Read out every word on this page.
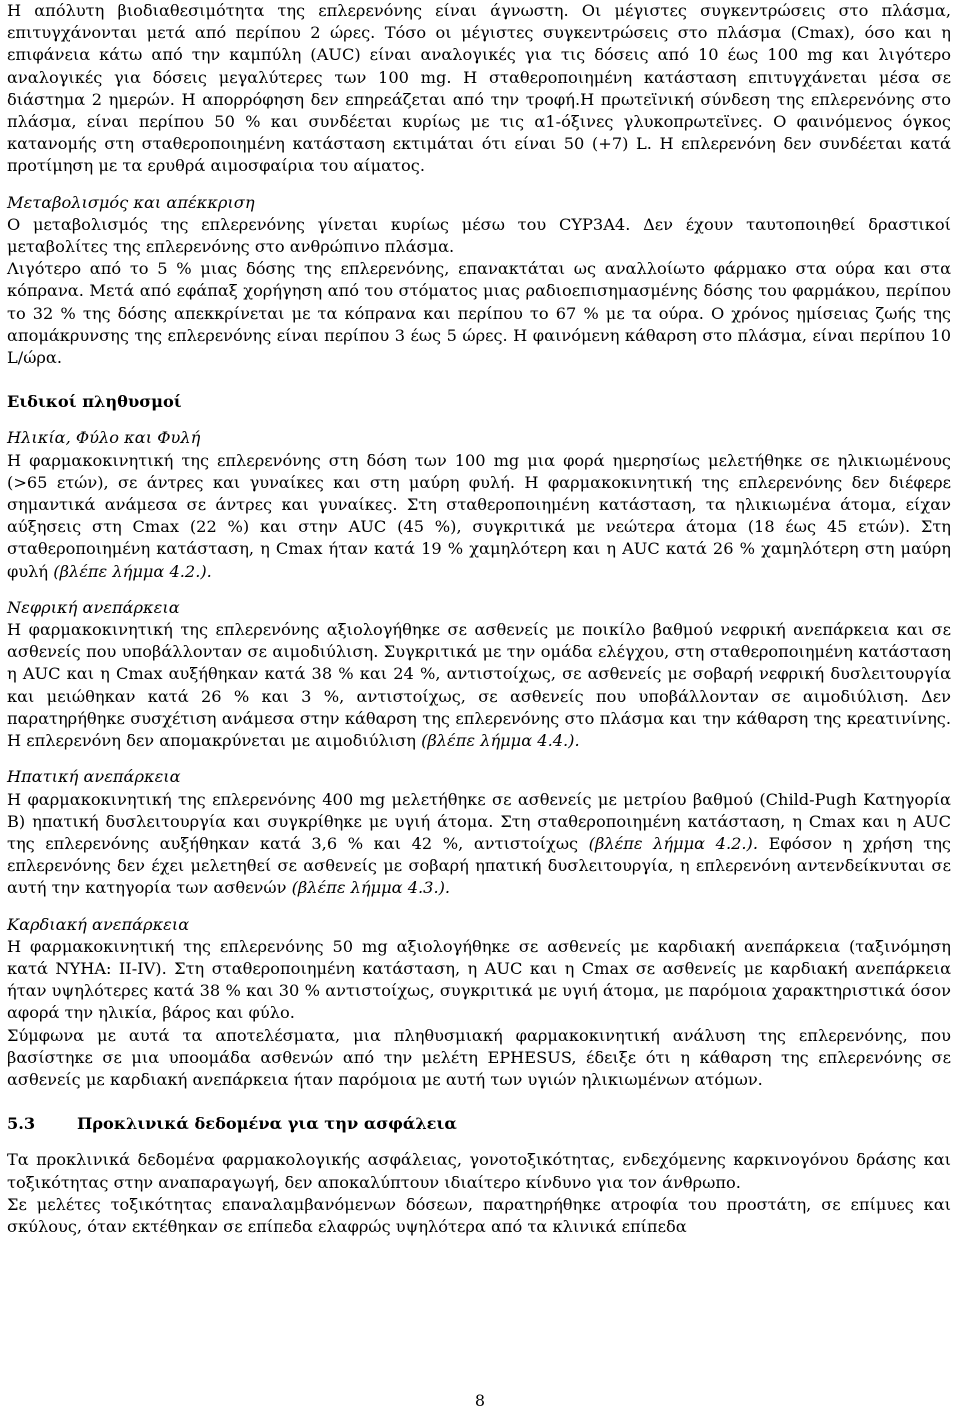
Η απόλυτη βιοδιαθεσιμότητα της επλερενόνης είναι άγνωστη. Οι μέγιστες συγκεντρώσεις στο πλάσμα, επιτυγχάνονται μετά από περίπου 2 ώρες. Τόσο οι μέγιστες συγκεντρώσεις στο πλάσμα (Cmax), όσο και η επιφάνεια κάτω από την καμπύλη (AUC) είναι αναλογικές για τις δόσεις από 10 έως 100 mg και λιγότερο αναλογικές για δόσεις μεγαλύτερες των 100 mg. Η σταθεροποιημένη κατάσταση επιτυγχάνεται μέσα σε διάστημα 2 ημερών. Η απορρόφηση δεν επηρεάζεται από την τροφή.Η πρωτεϊνική σύνδεση της επλερενόνης στο πλάσμα, είναι περίπου 50 % και συνδέεται κυρίως με τις α1-όξινες γλυκοπρωτεϊνες. Ο φαινόμενος όγκος κατανομής στη σταθεροποιημένη κατάσταση εκτιμάται ότι είναι 50 (+7) L. Η επλερενόνη δεν συνδέεται κατά προτίμηση με τα ερυθρά αιμοσφαίρια του αίματος.

Μεταβολισμός και απέκκριση

Ο μεταβολισμός της επλερενόνης γίνεται κυρίως μέσω του CYP3A4. Δεν έχουν ταυτοποιηθεί δραστικοί μεταβολίτες της επλερενόνης στο ανθρώπινο πλάσμα.

Λιγότερο από το 5 % μιας δόσης της επλερενόνης, επανακτάται ως αναλλοίωτο φάρμακο στα ούρα και στα κόπρανα. Μετά από εφάπαξ χορήγηση από του στόματος μιας ραδιοεπισημασμένης δόσης του φαρμάκου, περίπου το 32 % της δόσης απεκκρίνεται με τα κόπρανα και περίπου το 67 % με τα ούρα. Ο χρόνος ημίσειας ζωής της απομάκρυνσης της επλερενόνης είναι περίπου 3 έως 5 ώρες. Η φαινόμενη κάθαρση στο πλάσμα, είναι περίπου 10 L/ώρα.

Ειδικοί πληθυσμοί

Ηλικία, Φύλο και Φυλή

Η φαρμακοκινητική της επλερενόνης στη δόση των 100 mg μια φορά ημερησίως μελετήθηκε σε ηλικιωμένους (>65 ετών), σε άντρες και γυναίκες και στη μαύρη φυλή. Η φαρμακοκινητική της επλερενόνης δεν διέφερε σημαντικά ανάμεσα σε άντρες και γυναίκες. Στη σταθεροποιημένη κατάσταση, τα ηλικιωμένα άτομα, είχαν αύξησεις στη Cmax (22 %) και στην AUC (45 %), συγκριτικά με νεώτερα άτομα (18 έως 45 ετών). Στη σταθεροποιημένη κατάσταση, η Cmax ήταν κατά 19 % χαμηλότερη και η AUC κατά 26 % χαμηλότερη στη μαύρη φυλή (βλέπε λήμμα 4.2.).

Νεφρική ανεπάρκεια

Η φαρμακοκινητική της επλερενόνης αξιολογήθηκε σε ασθενείς με ποικίλο βαθμού νεφρική ανεπάρκεια και σε ασθενείς που υποβάλλονταν σε αιμοδιύλιση. Συγκριτικά με την ομάδα ελέγχου, στη σταθεροποιημένη κατάσταση η AUC και η Cmax αυξήθηκαν κατά 38 % και 24 %, αντιστοίχως, σε ασθενείς με σοβαρή νεφρική δυσλειτουργία και μειώθηκαν κατά 26 % και 3 %, αντιστοίχως, σε ασθενείς που υποβάλλονταν σε αιμοδιύλιση. Δεν παρατηρήθηκε συσχέτιση ανάμεσα στην κάθαρση της επλερενόνης στο πλάσμα και την κάθαρση της κρεατινίνης. Η επλερενόνη δεν απομακρύνεται με αιμοδιύλιση (βλέπε λήμμα 4.4.).

Ηπατική ανεπάρκεια

Η φαρμακοκινητική της επλερενόνης 400 mg μελετήθηκε σε ασθενείς με μετρίου βαθμού (Child-Pugh Κατηγορία B) ηπατική δυσλειτουργία και συγκρίθηκε με υγιή άτομα. Στη σταθεροποιημένη κατάσταση, η Cmax και η AUC της επλερενόνης αυξήθηκαν κατά 3,6 % και 42 %, αντιστοίχως (βλέπε λήμμα 4.2.). Εφόσον η χρήση της επλερενόνης δεν έχει μελετηθεί σε ασθενείς με σοβαρή ηπατική δυσλειτουργία, η επλερενόνη αντενδείκνυται σε αυτή την κατηγορία των ασθενών (βλέπε λήμμα 4.3.).

Καρδιακή ανεπάρκεια

Η φαρμακοκινητική της επλερενόνης 50 mg αξιολογήθηκε σε ασθενείς με καρδιακή ανεπάρκεια (ταξινόμηση κατά NYHA: II-IV). Στη σταθεροποιημένη κατάσταση, η AUC και η Cmax σε ασθενείς με καρδιακή ανεπάρκεια ήταν υψηλότερες κατά 38 % και 30 % αντιστοίχως, συγκριτικά με υγιή άτομα, με παρόμοια χαρακτηριστικά όσον αφορά την ηλικία, βάρος και φύλο.

Σύμφωνα με αυτά τα αποτελέσματα, μια πληθυσμιακή φαρμακοκινητική ανάλυση της επλερενόνης, που βασίστηκε σε μια υποομάδα ασθενών από την μελέτη EPHESUS, έδειξε ότι η κάθαρση της επλερενόνης σε ασθενείς με καρδιακή ανεπάρκεια ήταν παρόμοια με αυτή των υγιών ηλικιωμένων ατόμων.

5.3	Προκλινικά δεδομένα για την ασφάλεια

Τα προκλινικά δεδομένα φαρμακολογικής ασφάλειας, γονοτοξικότητας, ενδεχόμενης καρκινογόνου δράσης και τοξικότητας στην αναπαραγωγή, δεν αποκαλύπτουν ιδιαίτερο κίνδυνο για τον άνθρωπο.

Σε μελέτες τοξικότητας επαναλαμβανόμενων δόσεων, παρατηρήθηκε ατροφία του προστάτη, σε επίμυες και σκύλους, όταν εκτέθηκαν σε επίπεδα ελαφρώς υψηλότερα από τα κλινικά επίπεδα

8
